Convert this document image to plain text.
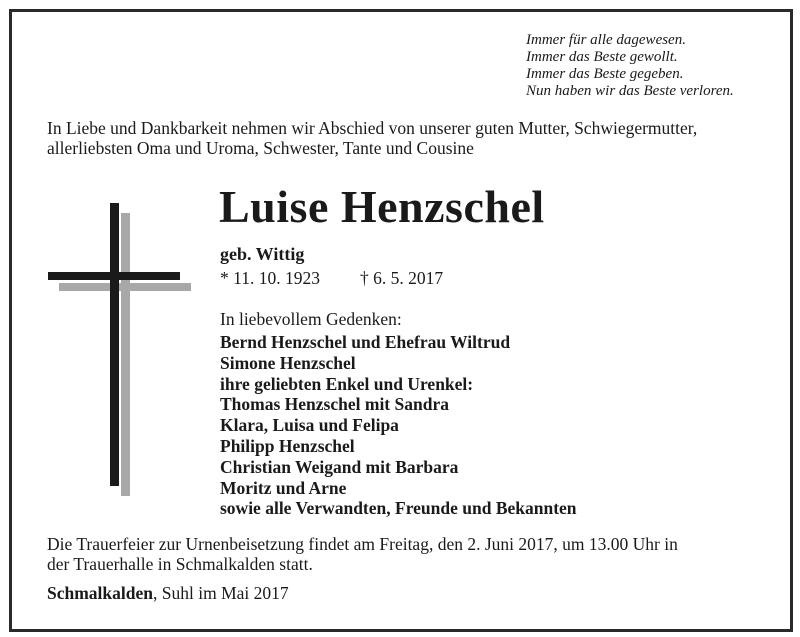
Immer für alle dagewesen.
Immer das Beste gewollt.
Immer das Beste gegeben.
Nun haben wir das Beste verloren.
In Liebe und Dankbarkeit nehmen wir Abschied von unserer guten Mutter, Schwiegermutter,
allerliebsten Oma und Uroma, Schwester, Tante und Cousine
Luise Henzschel
geb. Wittig
* 11. 10. 1923 † 6. 5. 2017
In liebevollem Gedenken:
Bernd Henzschel und Ehefrau Wiltrud
Simone Henzschel
ihre geliebten Enkel und Urenkel:
Thomas Henzschel mit Sandra
Klara, Luisa und Felipa
Philipp Henzschel
Christian Weigand mit Barbara
Moritz und Arne
sowie alle Verwandten, Freunde und Bekannten
Die Trauerfeier zur Urnenbeisetzung findet am Freitag, den 2. Juni 2017, um 13.00 Uhr in
der Trauerhalle in Schmalkalden statt.
Schmalkalden, Suhl im Mai 2017
